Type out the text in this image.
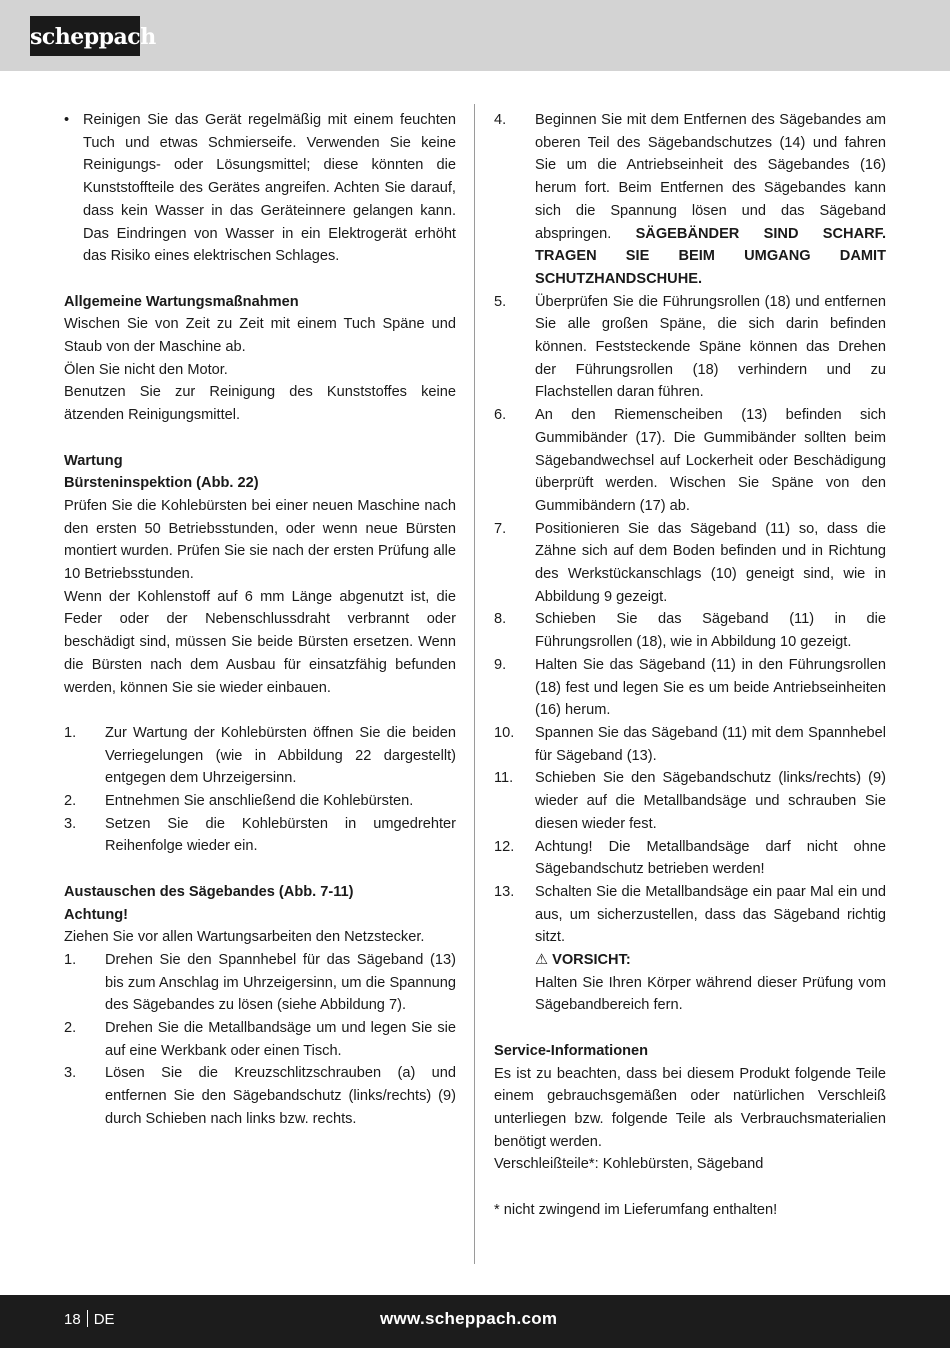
scheppach
• Reinigen Sie das Gerät regelmäßig mit einem feuchten Tuch und etwas Schmierseife. Verwenden Sie keine Reinigungs- oder Lösungsmittel; diese könnten die Kunststoffteile des Gerätes angreifen. Achten Sie darauf, dass kein Wasser in das Geräteinnere gelangen kann. Das Eindringen von Wasser in ein Elektrogerät erhöht das Risiko eines elektrischen Schlages.

Allgemeine Wartungsmaßnahmen

Wischen Sie von Zeit zu Zeit mit einem Tuch Späne und Staub von der Maschine ab.

Ölen Sie nicht den Motor.

Benutzen Sie zur Reinigung des Kunststoffes keine ätzenden Reinigungsmittel.

Wartung

Bürsteninspektion (Abb. 22)

Prüfen Sie die Kohlebürsten bei einer neuen Maschine nach den ersten 50 Betriebsstunden, oder wenn neue Bürsten montiert wurden. Prüfen Sie sie nach der ersten Prüfung alle 10 Betriebsstunden.

Wenn der Kohlenstoff auf 6 mm Länge abgenutzt ist, die Feder oder der Nebenschlussdraht verbrannt oder beschädigt sind, müssen Sie beide Bürsten ersetzen. Wenn die Bürsten nach dem Ausbau für einsatzfähig befunden werden, können Sie sie wieder einbauen.

1. Zur Wartung der Kohlebürsten öffnen Sie die beiden Verriegelungen (wie in Abbildung 22 dargestellt) entgegen dem Uhrzeigersinn.
2. Entnehmen Sie anschließend die Kohlebürsten.
3. Setzen Sie die Kohlebürsten in umgedrehter Reihenfolge wieder ein.

Austauschen des Sägebandes (Abb. 7-11)

Achtung!

Ziehen Sie vor allen Wartungsarbeiten den Netzstecker.

1. Drehen Sie den Spannhebel für das Sägeband (13) bis zum Anschlag im Uhrzeigersinn, um die Spannung des Sägebandes zu lösen (siehe Abbildung 7).
2. Drehen Sie die Metallbandsäge um und legen Sie sie auf eine Werkbank oder einen Tisch.
3. Lösen Sie die Kreuzschlitzschrauben (a) und entfernen Sie den Sägebandschutz (links/rechts) (9) durch Schieben nach links bzw. rechts.
4. Beginnen Sie mit dem Entfernen des Sägebandes am oberen Teil des Sägebandschutzes (14) und fahren Sie um die Antriebseinheit des Sägebandes (16) herum fort. Beim Entfernen des Sägebandes kann sich die Spannung lösen und das Sägeband abspringen. SÄGEBÄNDER SIND SCHARF. TRAGEN SIE BEIM UMGANG DAMIT SCHUTZHANDSCHUHE.
5. Überprüfen Sie die Führungsrollen (18) und entfernen Sie alle großen Späne, die sich darin befinden können. Feststeckende Späne können das Drehen der Führungsrollen (18) verhindern und zu Flachstellen daran führen.
6. An den Riemenscheiben (13) befinden sich Gummibänder (17). Die Gummibänder sollten beim Sägebandwechsel auf Lockerheit oder Beschädigung überprüft werden. Wischen Sie Späne von den Gummibändern (17) ab.
7. Positionieren Sie das Sägeband (11) so, dass die Zähne sich auf dem Boden befinden und in Richtung des Werkstückanschlags (10) geneigt sind, wie in Abbildung 9 gezeigt.
8. Schieben Sie das Sägeband (11) in die Führungsrollen (18), wie in Abbildung 10 gezeigt.
9. Halten Sie das Sägeband (11) in den Führungsrollen (18) fest und legen Sie es um beide Antriebseinheiten (16) herum.
10. Spannen Sie das Sägeband (11) mit dem Spannhebel für Sägeband (13).
11. Schieben Sie den Sägebandschutz (links/rechts) (9) wieder auf die Metallbandsäge und schrauben Sie diesen wieder fest.
12. Achtung! Die Metallbandsäge darf nicht ohne Sägebandschutz betrieben werden!
13. Schalten Sie die Metallbandsäge ein paar Mal ein und aus, um sicherzustellen, dass das Sägeband richtig sitzt.
⚠ VORSICHT:
Halten Sie Ihren Körper während dieser Prüfung vom Sägebandbereich fern.

Service-Informationen

Es ist zu beachten, dass bei diesem Produkt folgende Teile einem gebrauchsgemäßen oder natürlichen Verschleiß unterliegen bzw. folgende Teile als Verbrauchsmaterialien benötigt werden.

Verschleißteile*: Kohlebürsten, Sägeband

* nicht zwingend im Lieferumfang enthalten!

18 DE	www.scheppach.com
